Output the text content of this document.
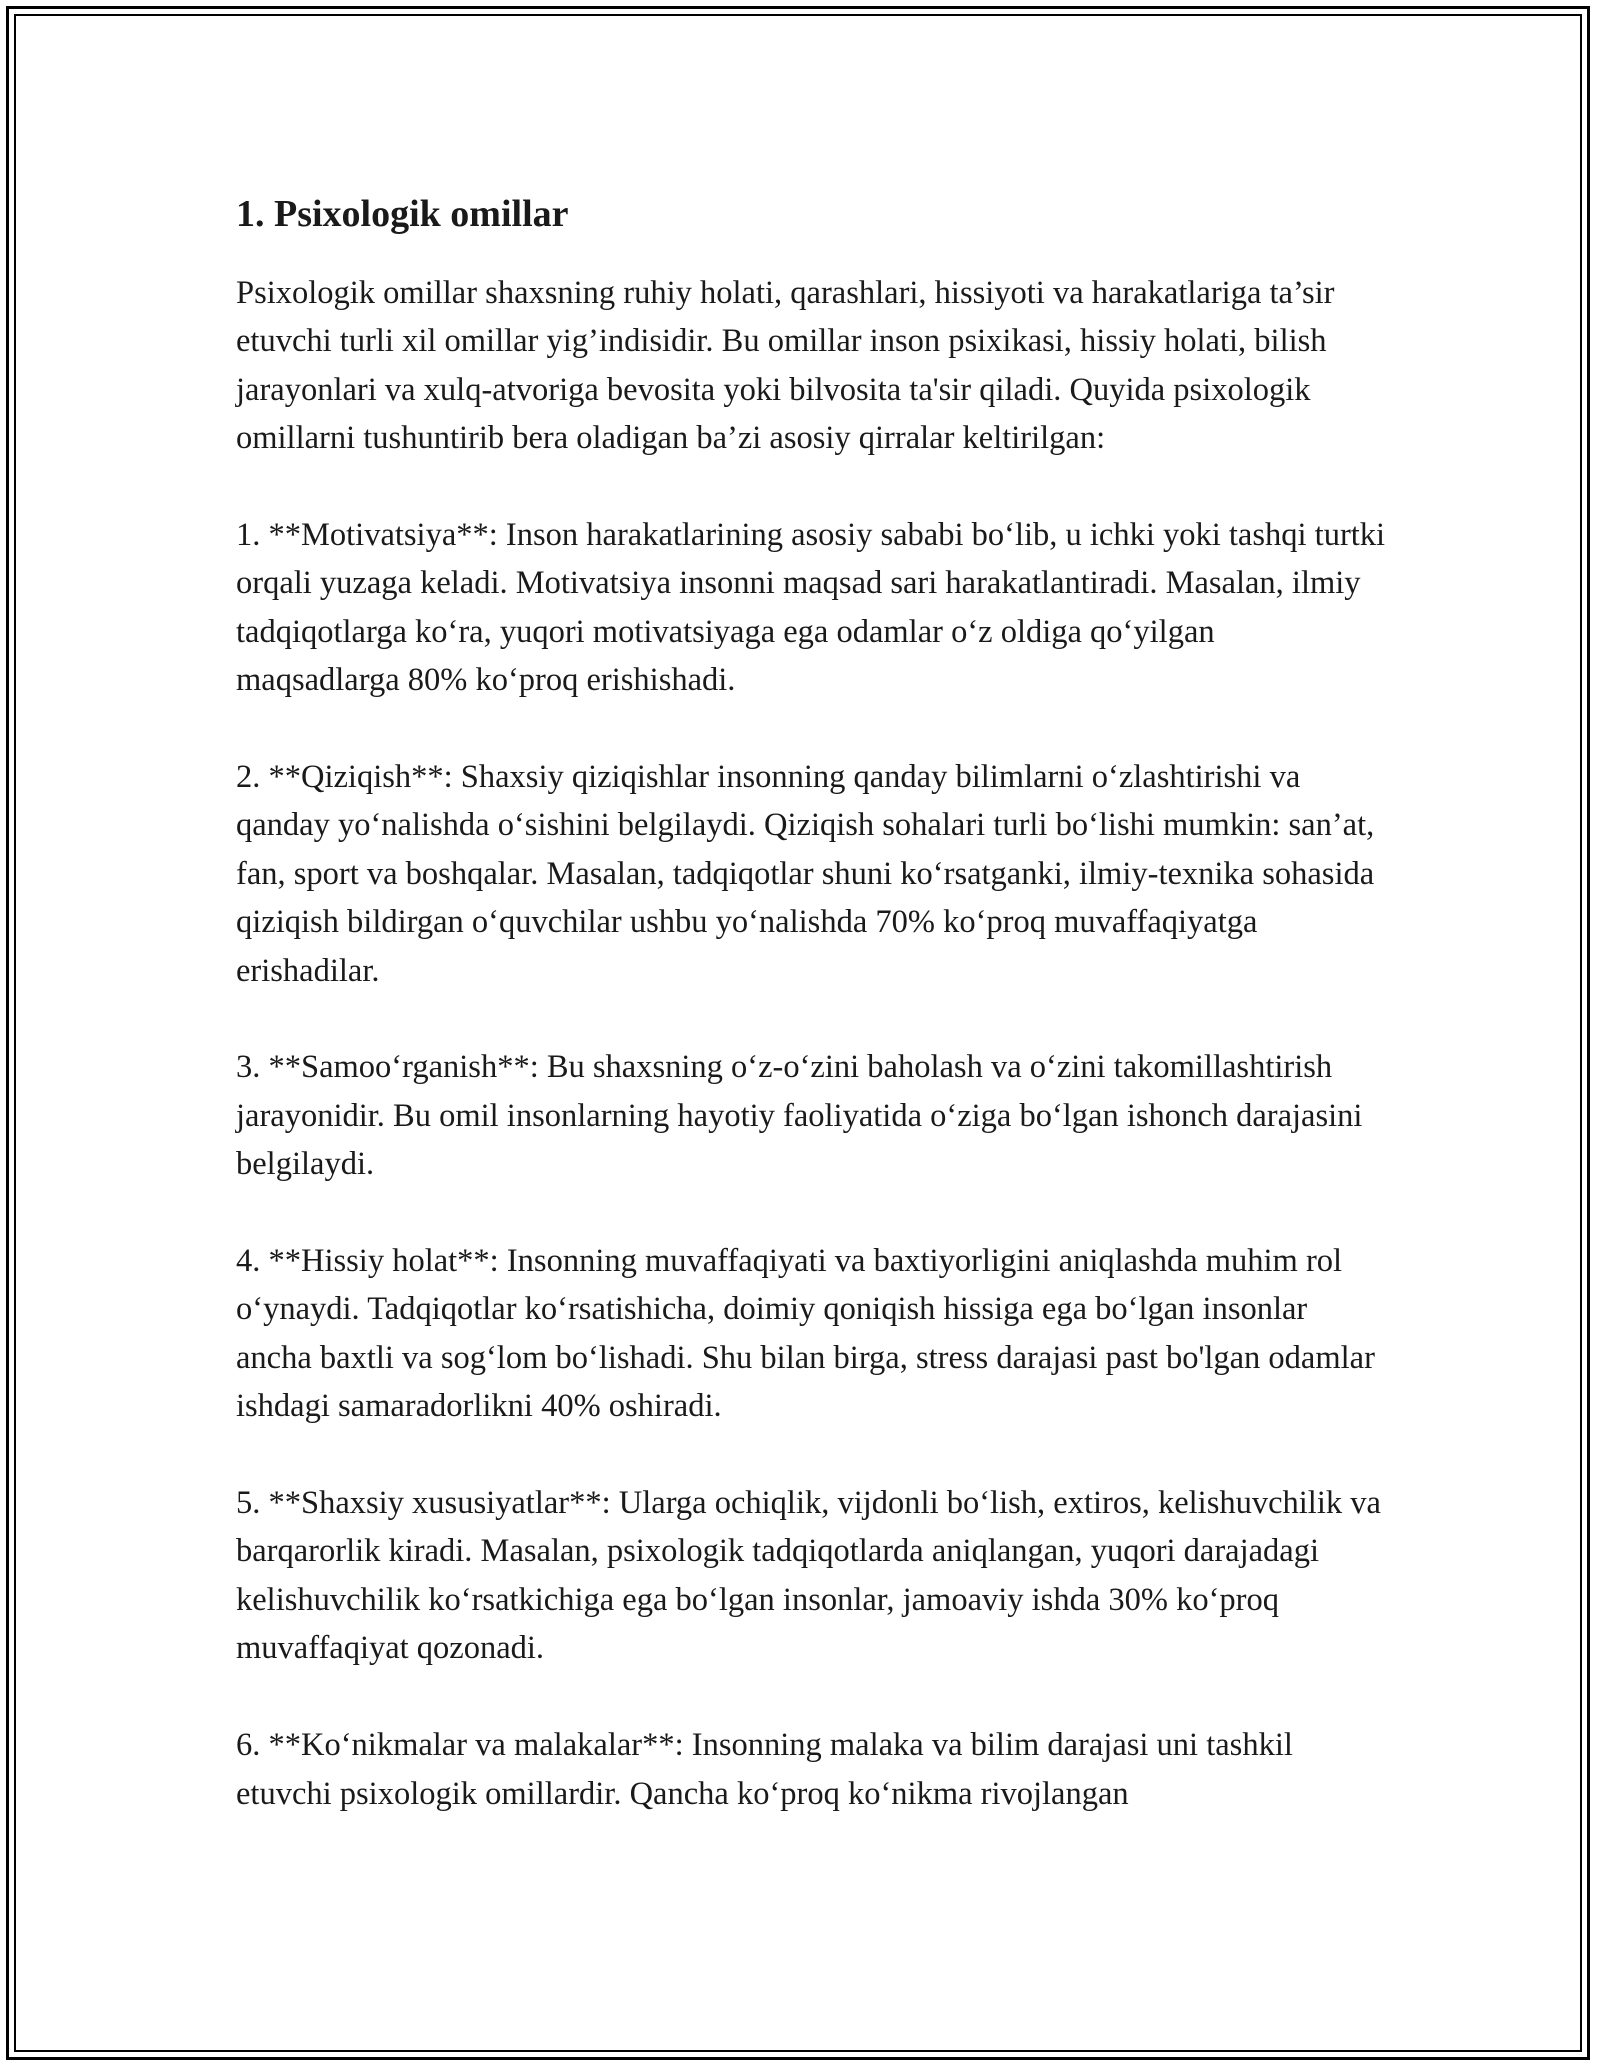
1. Psixologik omillar

Psixologik omillar shaxsning ruhiy holati, qarashlari, hissiyoti va harakatlariga ta’sir etuvchi turli xil omillar yig’indisidir. Bu omillar inson psixikasi, hissiy holati, bilish jarayonlari va xulq-atvoriga bevosita yoki bilvosita ta'sir qiladi. Quyida psixologik omillarni tushuntirib bera oladigan ba’zi asosiy qirralar keltirilgan:

1. **Motivatsiya**: Inson harakatlarining asosiy sababi bo‘lib, u ichki yoki tashqi turtki orqali yuzaga keladi. Motivatsiya insonni maqsad sari harakatlantiradi. Masalan, ilmiy tadqiqotlarga ko‘ra, yuqori motivatsiyaga ega odamlar o‘z oldiga qo‘yilgan maqsadlarga 80% ko‘proq erishishadi.

2. **Qiziqish**: Shaxsiy qiziqishlar insonning qanday bilimlarni o‘zlashtirishi va qanday yo‘nalishda o‘sishini belgilaydi. Qiziqish sohalari turli bo‘lishi mumkin: san’at, fan, sport va boshqalar. Masalan, tadqiqotlar shuni ko‘rsatganki, ilmiy-texnika sohasida qiziqish bildirgan o‘quvchilar ushbu yo‘nalishda 70% ko‘proq muvaffaqiyatga erishadilar.

3. **Samoo‘rganish**: Bu shaxsning o‘z-o‘zini baholash va o‘zini takomillashtirish jarayonidir. Bu omil insonlarning hayotiy faoliyatida o‘ziga bo‘lgan ishonch darajasini belgilaydi.

4. **Hissiy holat**: Insonning muvaffaqiyati va baxtiyorligini aniqlashda muhim rol o‘ynaydi. Tadqiqotlar ko‘rsatishicha, doimiy qoniqish hissiga ega bo‘lgan insonlar ancha baxtli va sog‘lom bo‘lishadi. Shu bilan birga, stress darajasi past bo'lgan odamlar ishdagi samaradorlikni 40% oshiradi.

5. **Shaxsiy xususiyatlar**: Ularga ochiqlik, vijdonli bo‘lish, extiros, kelishuvchilik va barqarorlik kiradi. Masalan, psixologik tadqiqotlarda aniqlangan, yuqori darajadagi kelishuvchilik ko‘rsatkichiga ega bo‘lgan insonlar, jamoaviy ishda 30% ko‘proq muvaffaqiyat qozonadi.

6. **Ko‘nikmalar va malakalar**: Insonning malaka va bilim darajasi uni tashkil etuvchi psixologik omillardir. Qancha ko‘proq ko‘nikma rivojlangan
